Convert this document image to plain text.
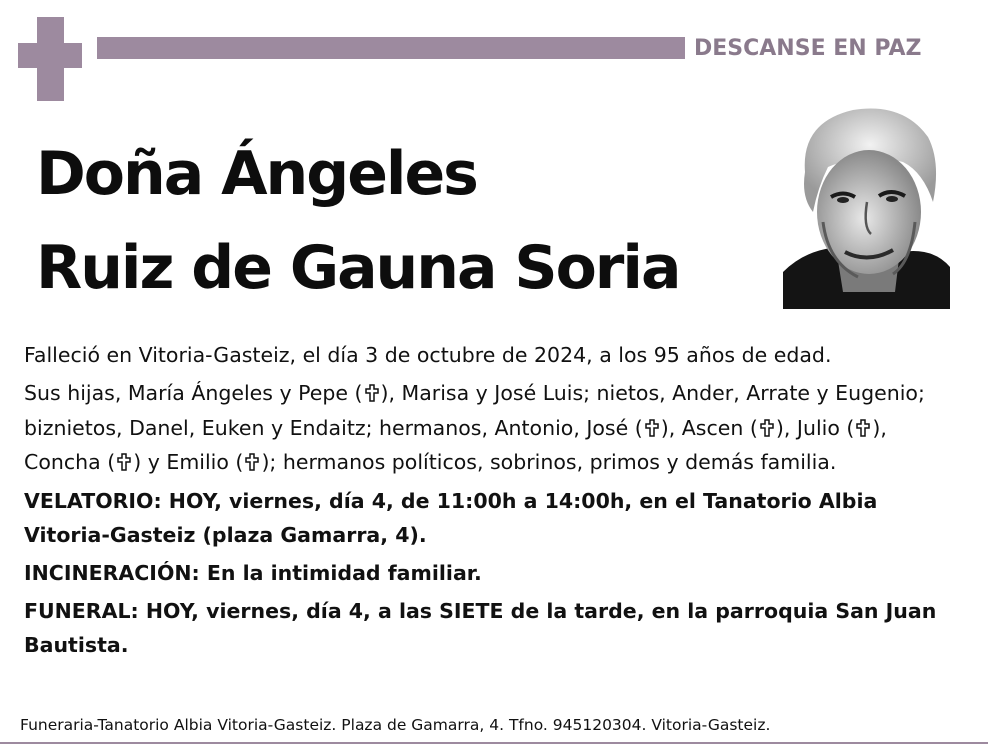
DESCANSE EN PAZ
Doña Ángeles
Ruiz de Gauna Soria
Falleció en Vitoria-Gasteiz, el día 3 de octubre de 2024, a los 95 años de edad.
Sus hijas, María Ángeles y Pepe ( ), Marisa y José Luis; nietos, Ander, Arrate y Eugenio; biznietos, Danel, Euken y Endaitz; hermanos, Antonio, José ( ), Ascen ( ), Julio ( ), Concha ( ) y Emilio ( ); hermanos políticos, sobrinos, primos y demás familia.
VELATORIO: HOY, viernes, día 4, de 11:00h a 14:00h, en el Tanatorio Albia Vitoria-Gasteiz (plaza Gamarra, 4).
INCINERACIÓN: En la intimidad familiar.
FUNERAL: HOY, viernes, día 4, a las SIETE de la tarde, en la parroquia San Juan Bautista.
Funeraria-Tanatorio Albia Vitoria-Gasteiz. Plaza de Gamarra, 4. Tfno. 945120304. Vitoria-Gasteiz.
